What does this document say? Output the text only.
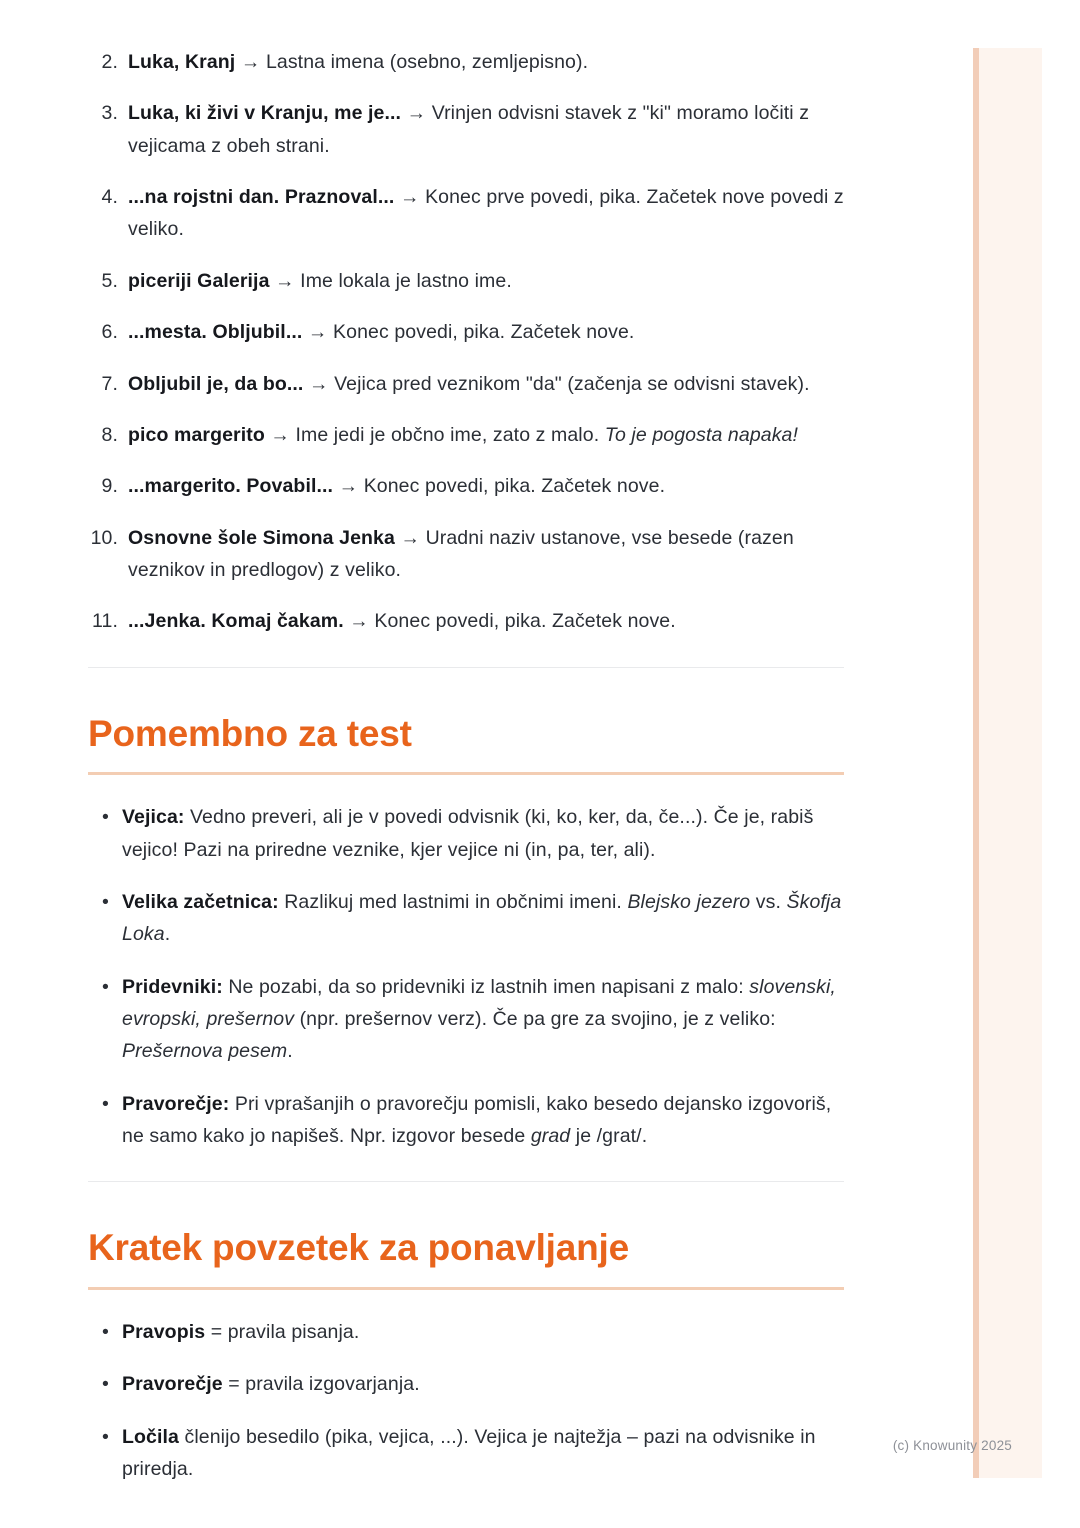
2. Luka, Kranj → Lastna imena (osebno, zemljepisno).
3. Luka, ki živi v Kranju, me je... → Vrinjen odvisni stavek z "ki" moramo ločiti z vejicama z obeh strani.
4. ...na rojstni dan. Praznoval... → Konec prve povedi, pika. Začetek nove povedi z veliko.
5. piceriji Galerija → Ime lokala je lastno ime.
6. ...mesta. Obljubil... → Konec povedi, pika. Začetek nove.
7. Obljubil je, da bo... → Vejica pred veznikom "da" (začenja se odvisni stavek).
8. pico margerito → Ime jedi je občno ime, zato z malo. To je pogosta napaka!
9. ...margerito. Povabil... → Konec povedi, pika. Začetek nove.
10. Osnovne šole Simona Jenka → Uradni naziv ustanove, vse besede (razen veznikov in predlogov) z veliko.
11. ...Jenka. Komaj čakam. → Konec povedi, pika. Začetek nove.
Pomembno za test
• Vejica: Vedno preveri, ali je v povedi odvisnik (ki, ko, ker, da, če...). Če je, rabiš vejico! Pazi na priredne veznike, kjer vejice ni (in, pa, ter, ali).
• Velika začetnica: Razlikuj med lastnimi in občnimi imeni. Blejsko jezero vs. Škofja Loka.
• Pridevniki: Ne pozabi, da so pridevniki iz lastnih imen napisani z malo: slovenski, evropski, prešernov (npr. prešernov verz). Če pa gre za svojino, je z veliko: Prešernova pesem.
• Pravorečje: Pri vprašanjih o pravorečju pomisli, kako besedo dejansko izgovoriš, ne samo kako jo napišeš. Npr. izgovor besede grad je /grat/.
Kratek povzetek za ponavljanje
• Pravopis = pravila pisanja.
• Pravorečje = pravila izgovarjanja.
• Ločila členijo besedilo (pika, vejica, ...). Vejica je najtežja – pazi na odvisnike in priredja.
(c) Knowunity 2025
